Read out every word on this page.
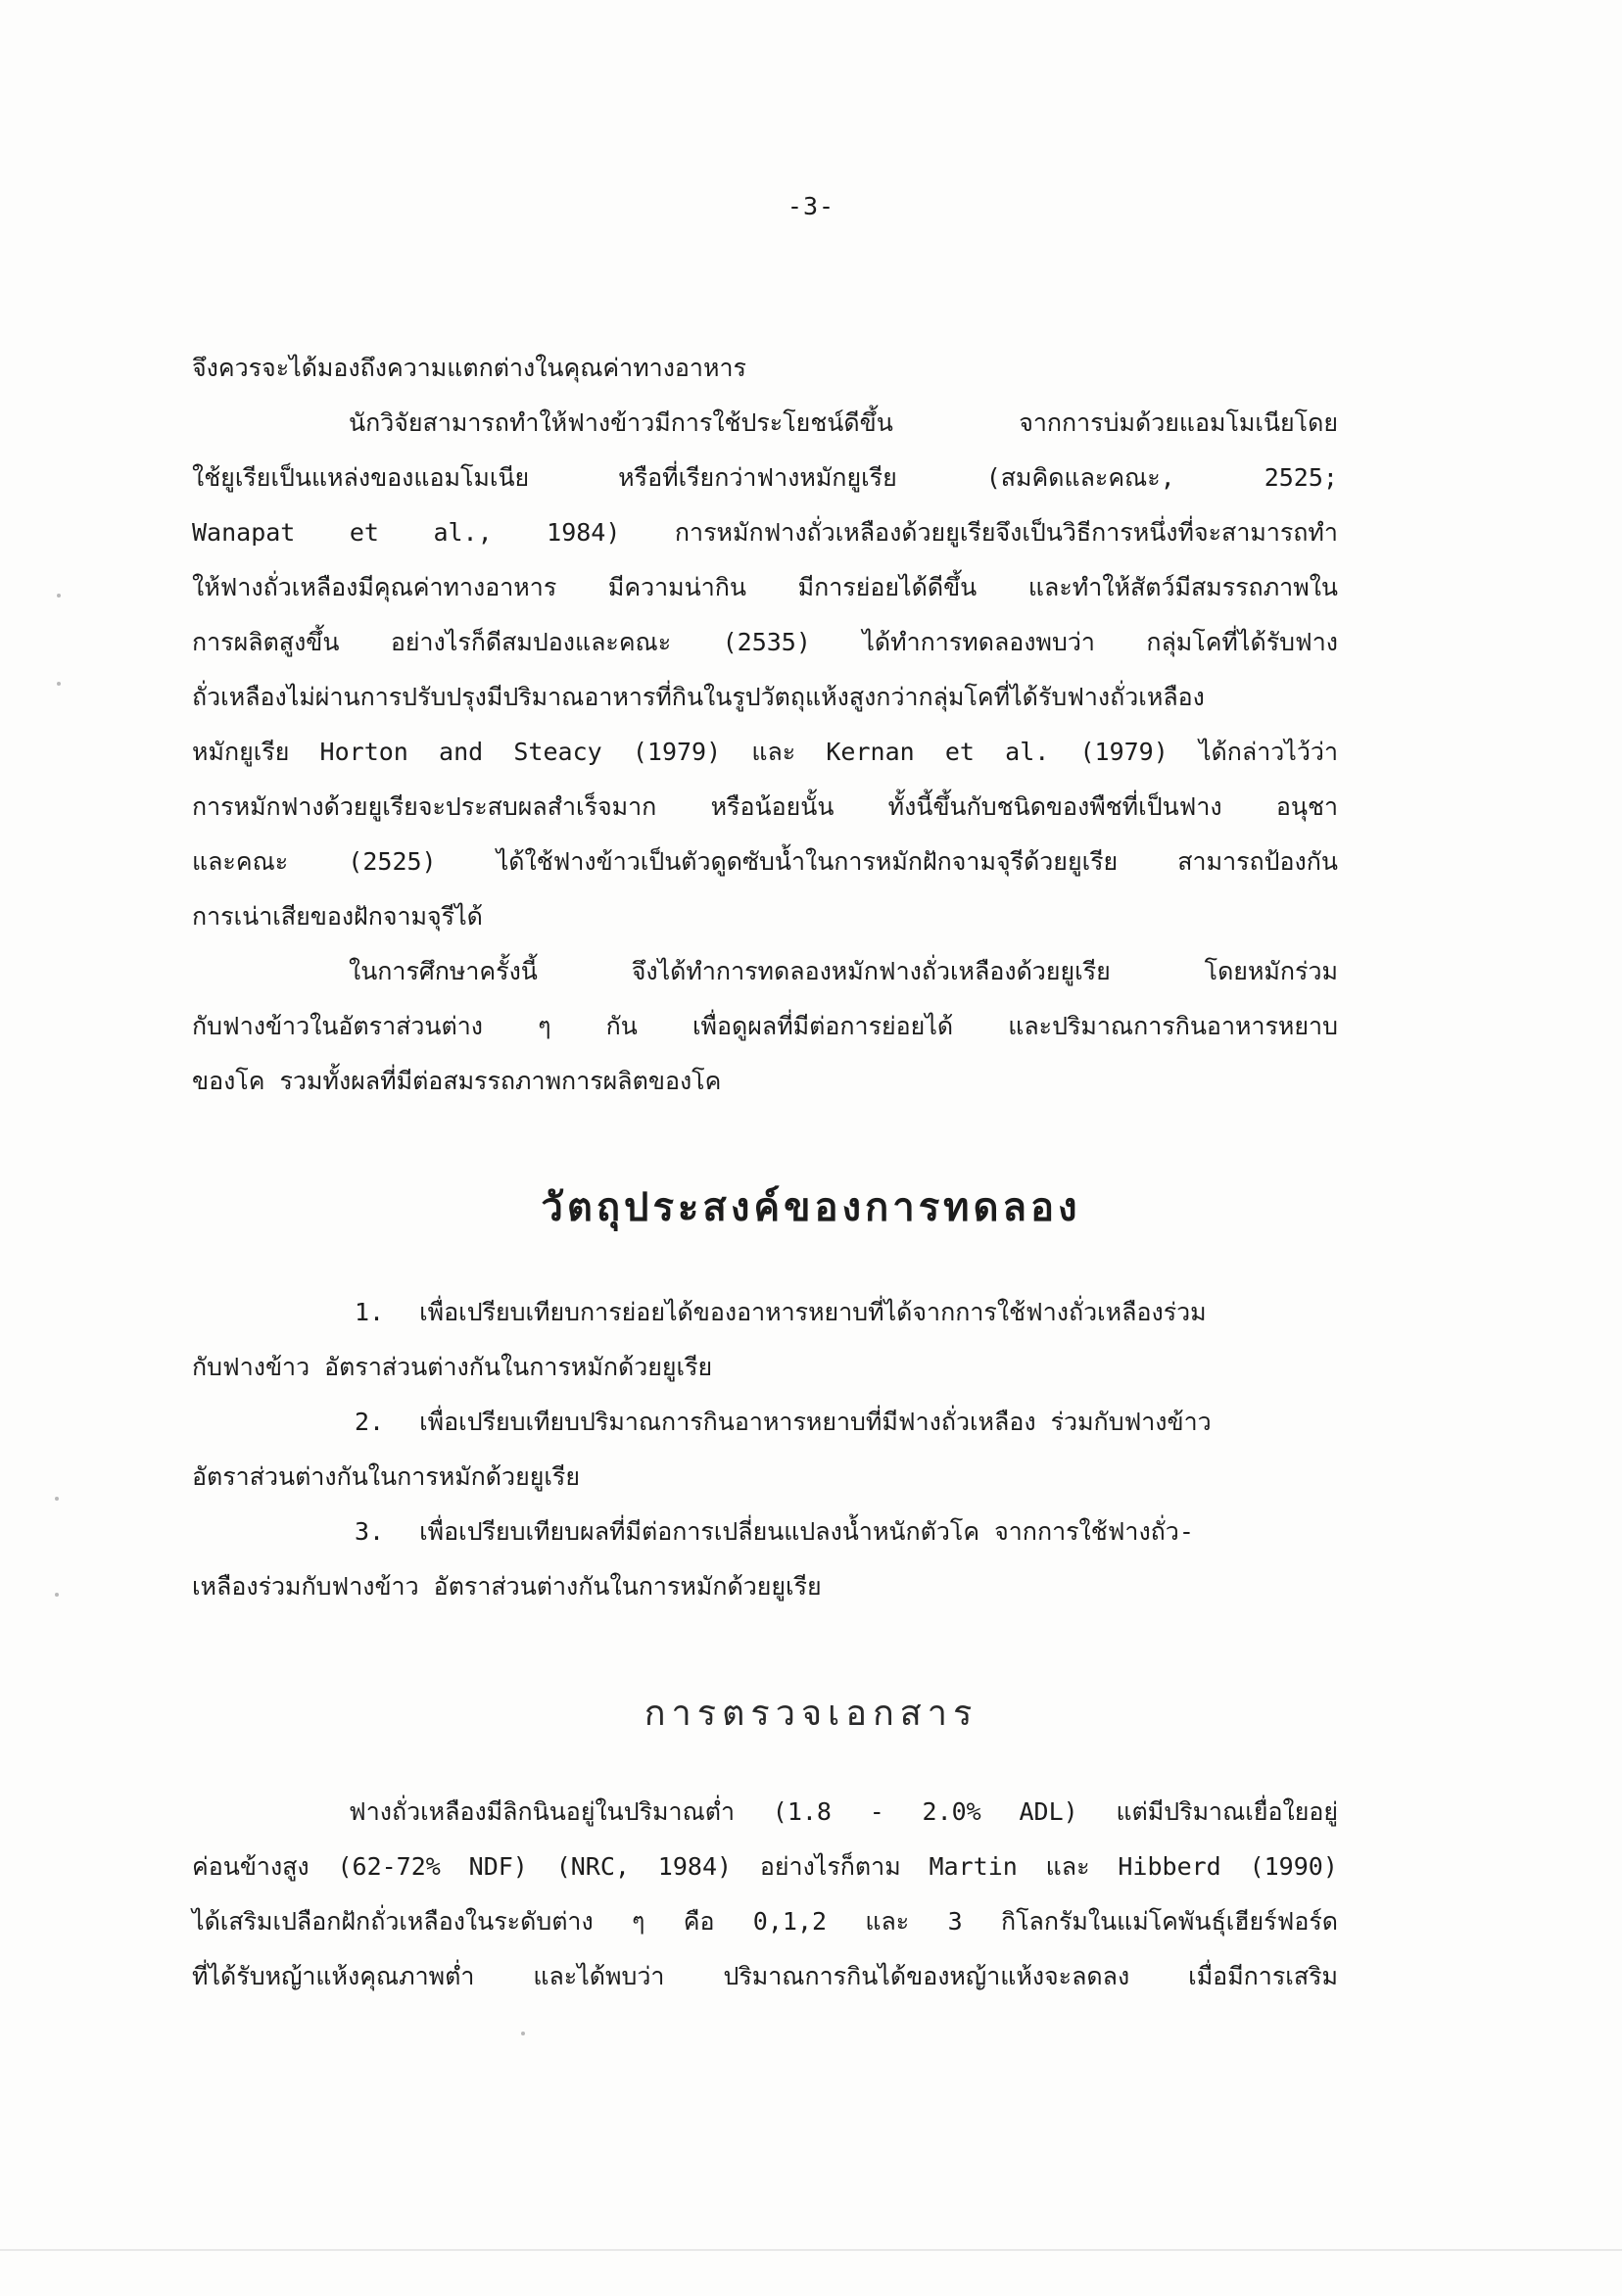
-3-
จึงควรจะได้มองถึงความแตกต่างในคุณค่าทางอาหาร
นักวิจัยสามารถทำให้ฟางข้าวมีการใช้ประโยชน์ดีขึ้น	จากการบ่มด้วยแอมโมเนียโดย
ใช้ยูเรียเป็นแหล่งของแอมโมเนีย	หรือที่เรียกว่าฟางหมักยูเรีย	(สมคิดและคณะ,	2525;
Wanapat et al., 1984) การหมักฟางถั่วเหลืองด้วยยูเรียจึงเป็นวิธีการหนึ่งที่จะสามารถทำ
ให้ฟางถั่วเหลืองมีคุณค่าทางอาหาร มีความน่ากิน มีการย่อยได้ดีขึ้น และทำให้สัตว์มีสมรรถภาพใน
การผลิตสูงขึ้น อย่างไรก็ดีสมปองและคณะ (2535) ได้ทำการทดลองพบว่า กลุ่มโคที่ได้รับฟาง
ถั่วเหลืองไม่ผ่านการปรับปรุงมีปริมาณอาหารที่กินในรูปวัตถุแห้งสูงกว่ากลุ่มโคที่ได้รับฟางถั่วเหลือง
หมักยูเรีย Horton and Steacy (1979) และ Kernan et al. (1979) ได้กล่าวไว้ว่า
การหมักฟางด้วยยูเรียจะประสบผลสำเร็จมาก หรือน้อยนั้น ทั้งนี้ขึ้นกับชนิดของพืชที่เป็นฟาง อนุชา
และคณะ (2525) ได้ใช้ฟางข้าวเป็นตัวดูดซับน้ำในการหมักฝักจามจุรีด้วยยูเรีย สามารถป้องกัน
การเน่าเสียของฝักจามจุรีได้
ในการศึกษาครั้งนี้	จึงได้ทำการทดลองหมักฟางถั่วเหลืองด้วยยูเรีย	โดยหมักร่วม
กับฟางข้าวในอัตราส่วนต่าง ๆ กัน เพื่อดูผลที่มีต่อการย่อยได้ และปริมาณการกินอาหารหยาบ
ของโค รวมทั้งผลที่มีต่อสมรรถภาพการผลิตของโค
วัตถุประสงค์ของการทดลอง
1. เพื่อเปรียบเทียบการย่อยได้ของอาหารหยาบที่ได้จากการใช้ฟางถั่วเหลืองร่วม
กับฟางข้าว อัตราส่วนต่างกันในการหมักด้วยยูเรีย
2. เพื่อเปรียบเทียบปริมาณการกินอาหารหยาบที่มีฟางถั่วเหลือง ร่วมกับฟางข้าว
อัตราส่วนต่างกันในการหมักด้วยยูเรีย
3. เพื่อเปรียบเทียบผลที่มีต่อการเปลี่ยนแปลงน้ำหนักตัวโค จากการใช้ฟางถั่ว-
เหลืองร่วมกับฟางข้าว อัตราส่วนต่างกันในการหมักด้วยยูเรีย
การตรวจเอกสาร
ฟางถั่วเหลืองมีลิกนินอยู่ในปริมาณต่ำ (1.8 - 2.0% ADL) แต่มีปริมาณเยื่อใยอยู่
ค่อนข้างสูง (62-72% NDF) (NRC, 1984) อย่างไรก็ตาม Martin และ Hibberd (1990)
ได้เสริมเปลือกฝักถั่วเหลืองในระดับต่าง ๆ คือ 0,1,2 และ 3 กิโลกรัมในแม่โคพันธุ์เฮียร์ฟอร์ด
ที่ได้รับหญ้าแห้งคุณภาพต่ำ และได้พบว่า ปริมาณการกินได้ของหญ้าแห้งจะลดลง เมื่อมีการเสริม
